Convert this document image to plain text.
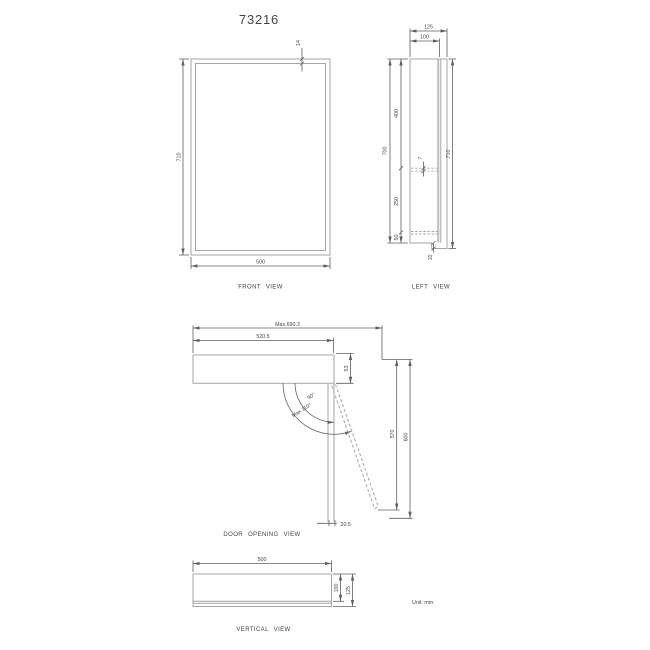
73216
710
500
14
FRONT VIEW
125
100
700
400
250
50
7	710
10
LEFT VIEW
Max.690.3
520.5
53
90°
Max.110°
570 600
20.5
DOOR OPENING VIEW
500
100 125
VERTICAL VIEW
Unit: mm
